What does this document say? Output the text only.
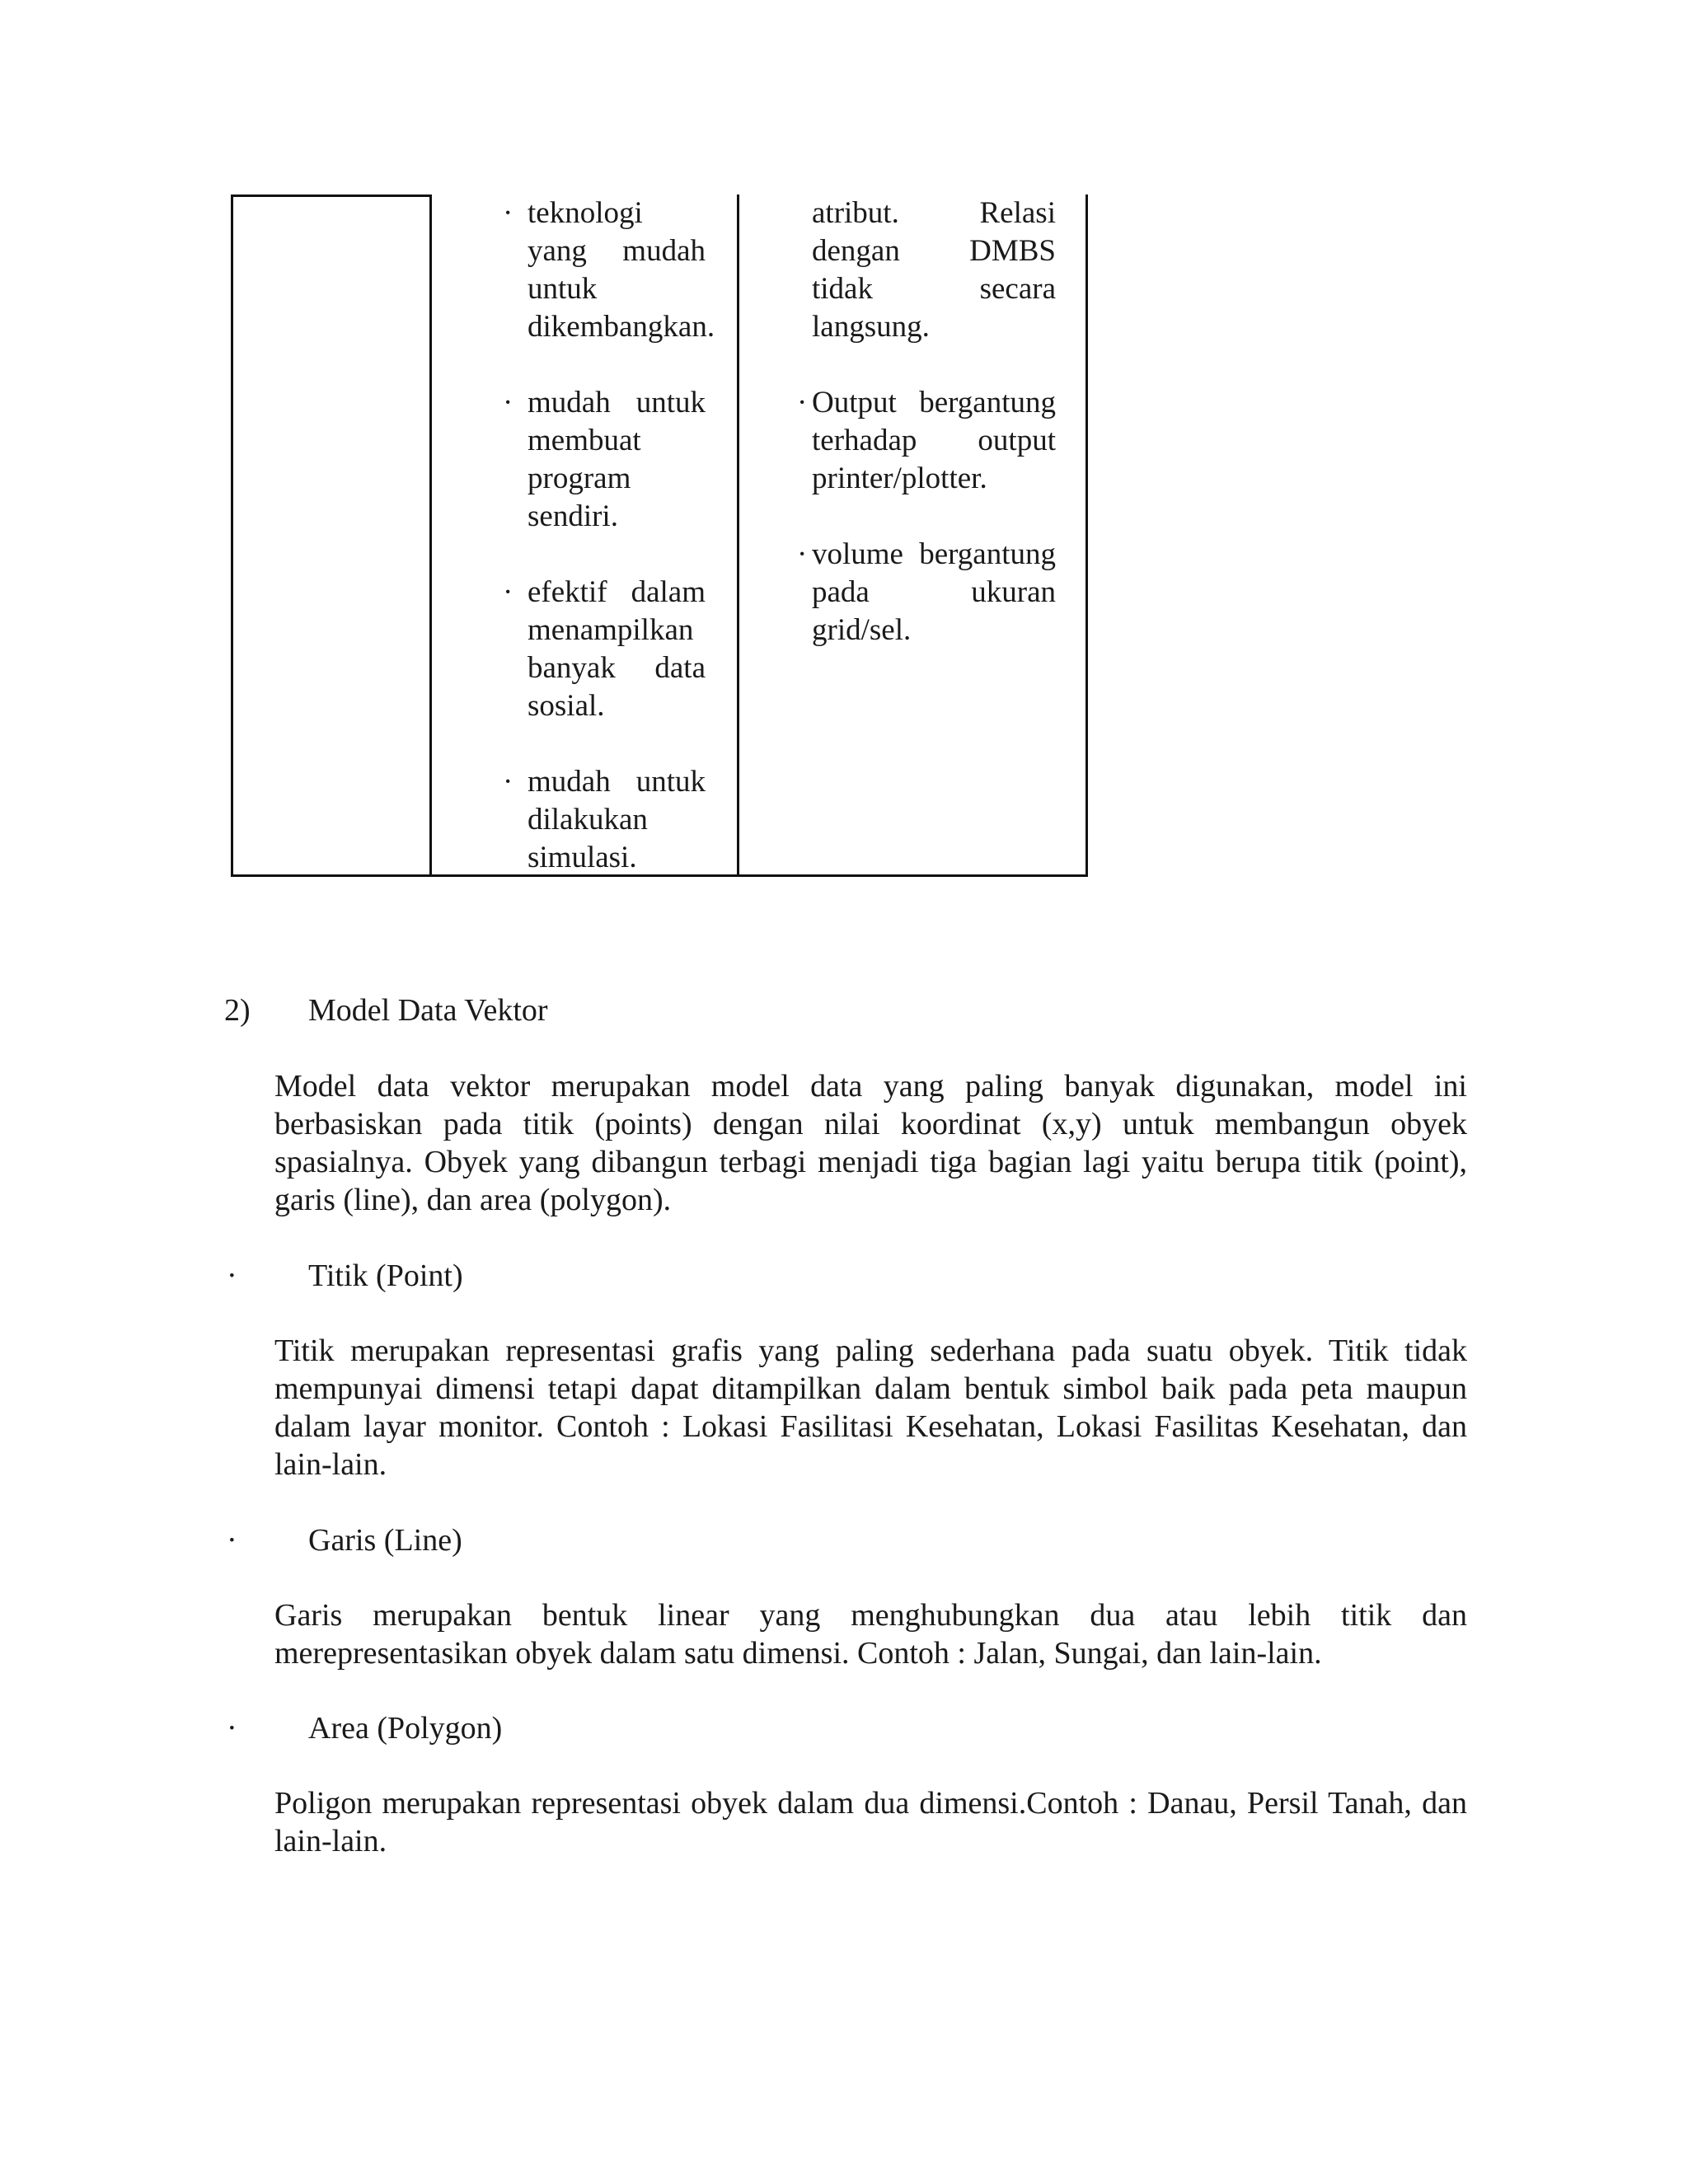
· teknologi yang mudah untuk dikembangkan.
· mudah untuk membuat program sendiri.
· efektif dalam menampilkan banyak data sosial.
· mudah untuk dilakukan simulasi.
atribut. Relasi dengan DMBS tidak secara langsung.
· Output bergantung terhadap output printer/plotter.
· volume bergantung pada ukuran grid/sel.
2) Model Data Vektor
Model data vektor merupakan model data yang paling banyak digunakan, model ini berbasiskan pada titik (points) dengan nilai koordinat (x,y) untuk membangun obyek spasialnya. Obyek yang dibangun terbagi menjadi tiga bagian lagi yaitu berupa titik (point), garis (line), dan area (polygon).
· Titik (Point)
Titik merupakan representasi grafis yang paling sederhana pada suatu obyek. Titik tidak mempunyai dimensi tetapi dapat ditampilkan dalam bentuk simbol baik pada peta maupun dalam layar monitor. Contoh : Lokasi Fasilitasi Kesehatan, Lokasi Fasilitas Kesehatan, dan lain-lain.
· Garis (Line)
Garis merupakan bentuk linear yang menghubungkan dua atau lebih titik dan merepresentasikan obyek dalam satu dimensi. Contoh : Jalan, Sungai, dan lain-lain.
· Area (Polygon)
Poligon merupakan representasi obyek dalam dua dimensi.Contoh : Danau, Persil Tanah, dan lain-lain.
